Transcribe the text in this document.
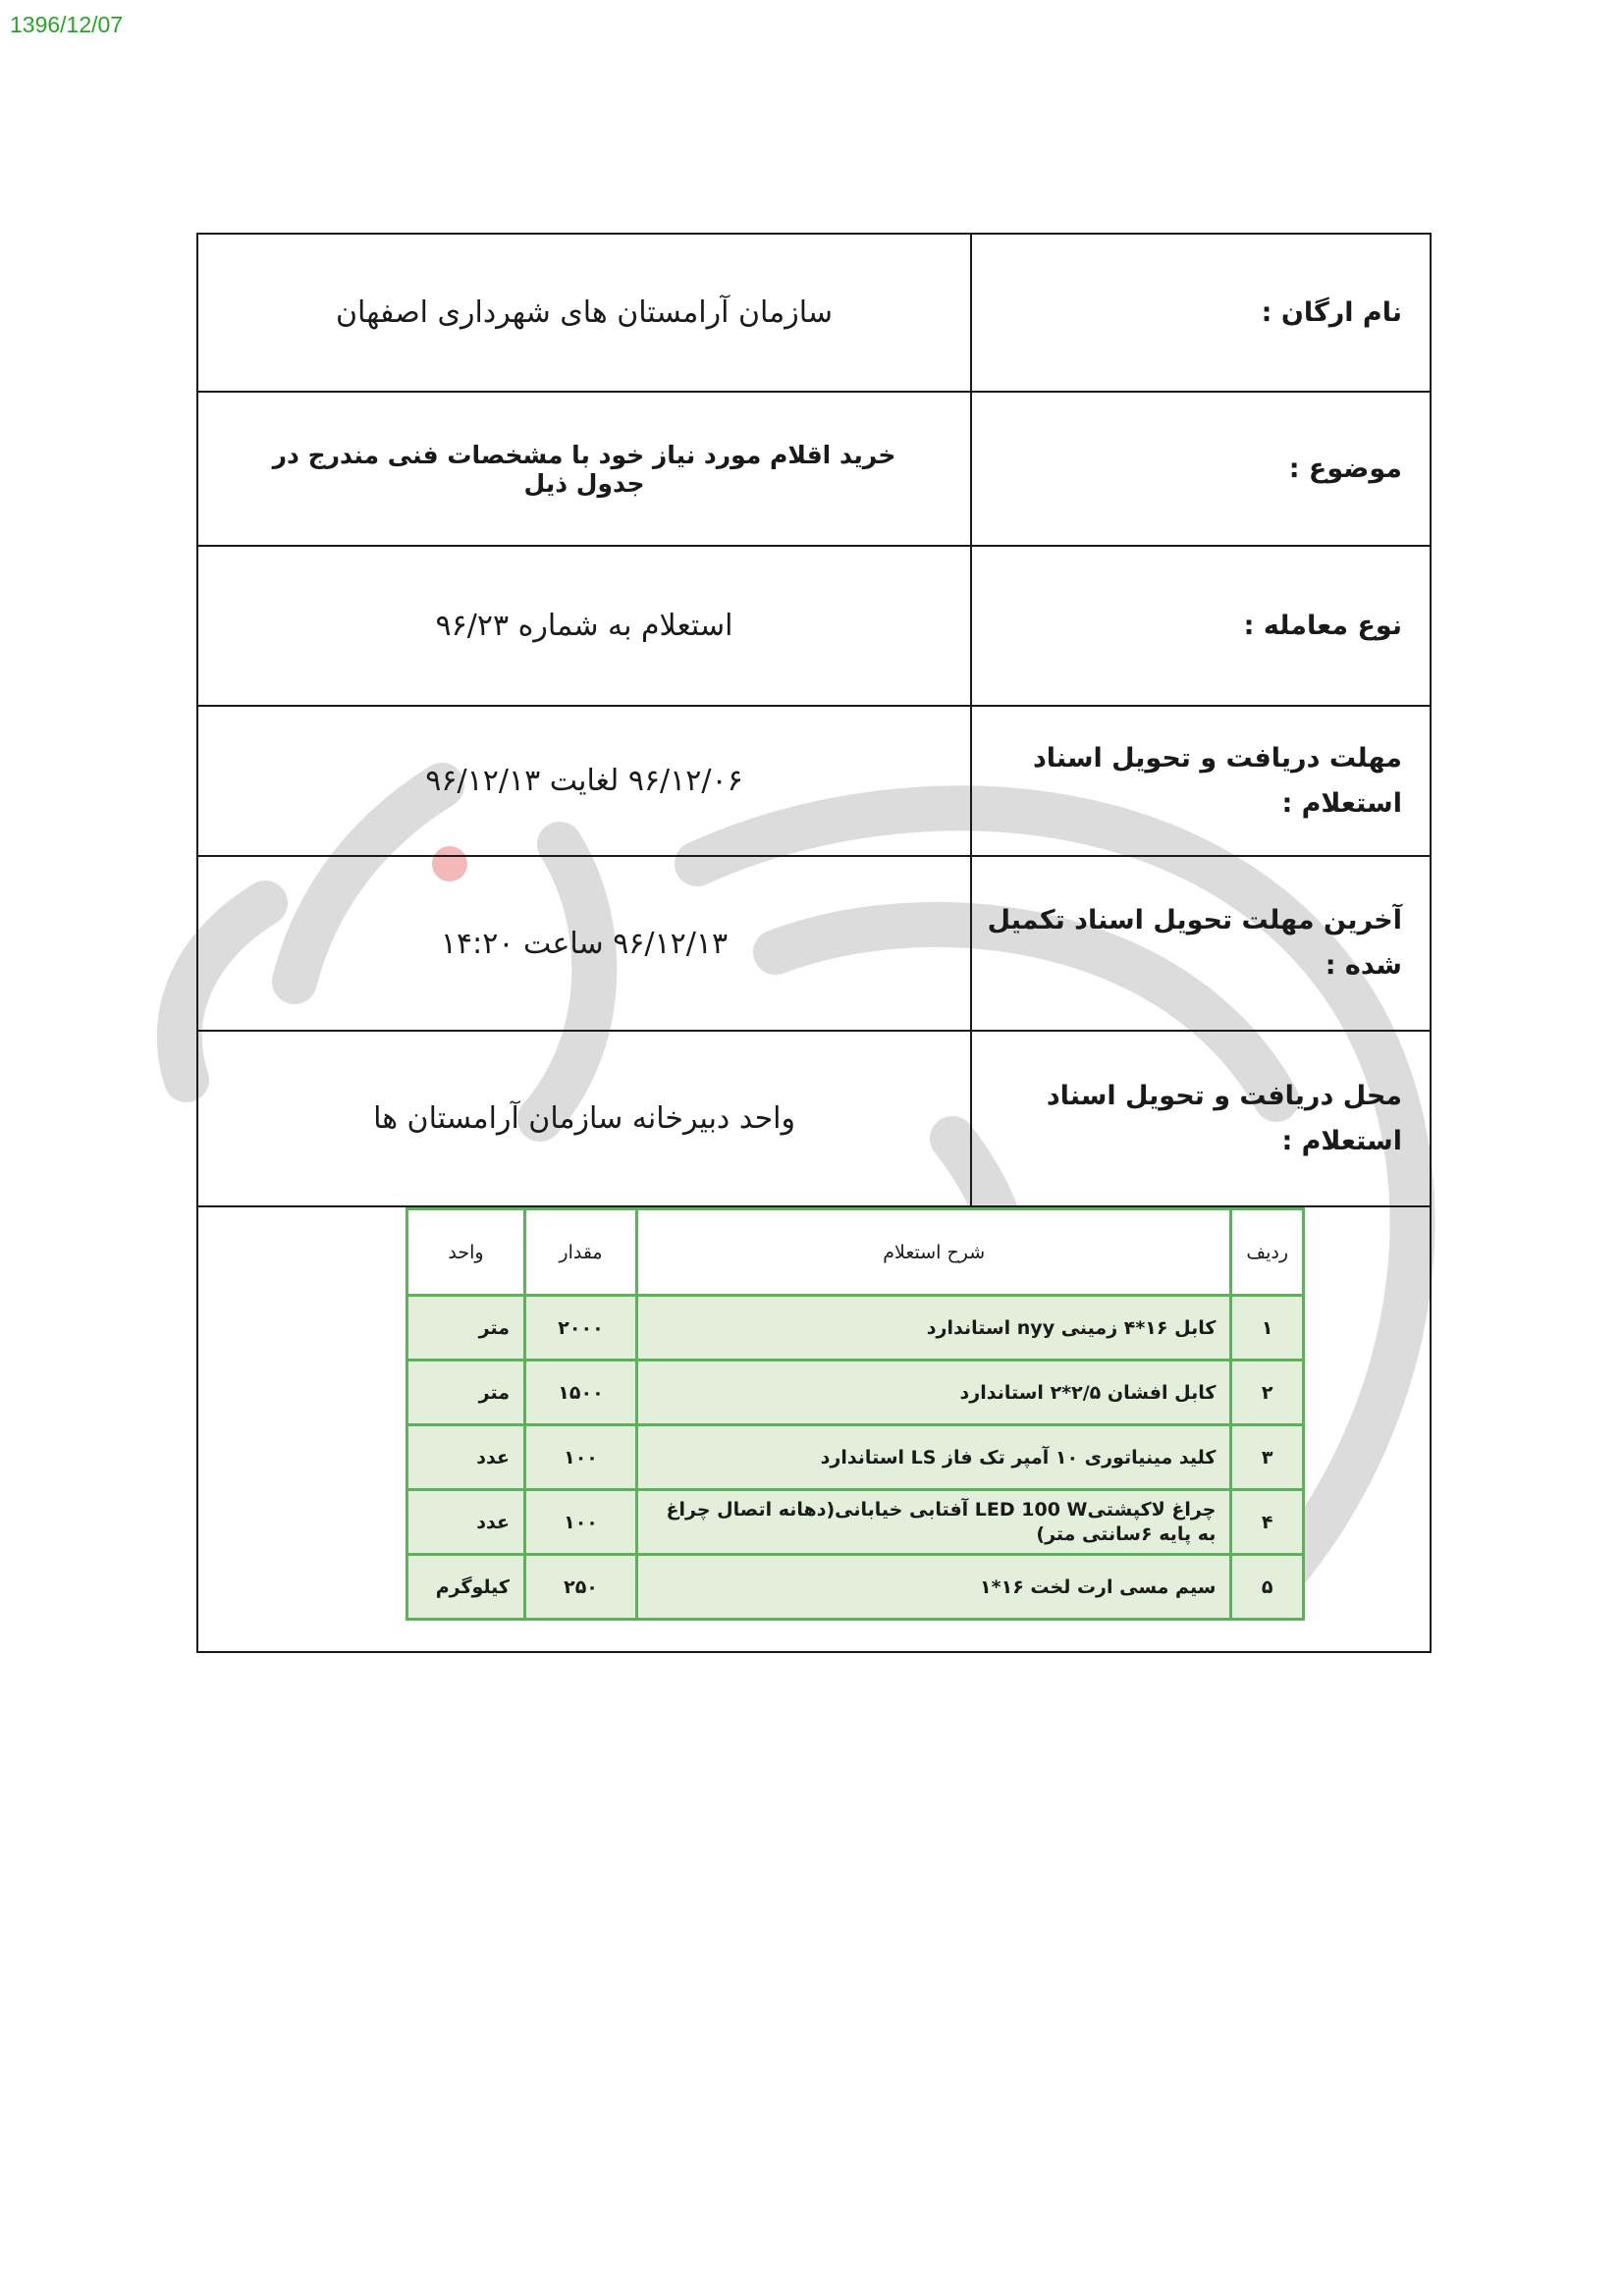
1396/12/07
نام ارگان :
سازمان آرامستان های شهرداری اصفهان
موضوع :
خرید اقلام مورد نیاز خود با مشخصات فنی مندرج در جدول ذیل
نوع معامله :
استعلام به شماره ۹۶/۲۳
مهلت دریافت و تحویل اسناد استعلام :
۹۶/۱۲/۰۶ لغایت ۹۶/۱۲/۱۳
آخرین مهلت تحویل اسناد تکمیل شده :
۹۶/۱۲/۱۳ ساعت ۱۴:۲۰
محل دریافت و تحویل اسناد استعلام :
واحد دبیرخانه سازمان آرامستان ها
ردیف	شرح استعلام	مقدار	واحد
۱	کابل ۱۶*۴ زمینی nyy استاندارد	۲۰۰۰	متر
۲	کابل افشان ۲/۵*۲ استاندارد	۱۵۰۰	متر
۳	کلید مینیاتوری ۱۰ آمپر تک فاز LS استاندارد	۱۰۰	عدد
۴	چراغ لاکپشتیLED 100 W آفتابی خیابانی(دهانه اتصال چراغ به پایه ۶سانتی متر)	۱۰۰	عدد
۵	سیم مسی ارت لخت ۱۶*۱	۲۵۰	کیلوگرم
